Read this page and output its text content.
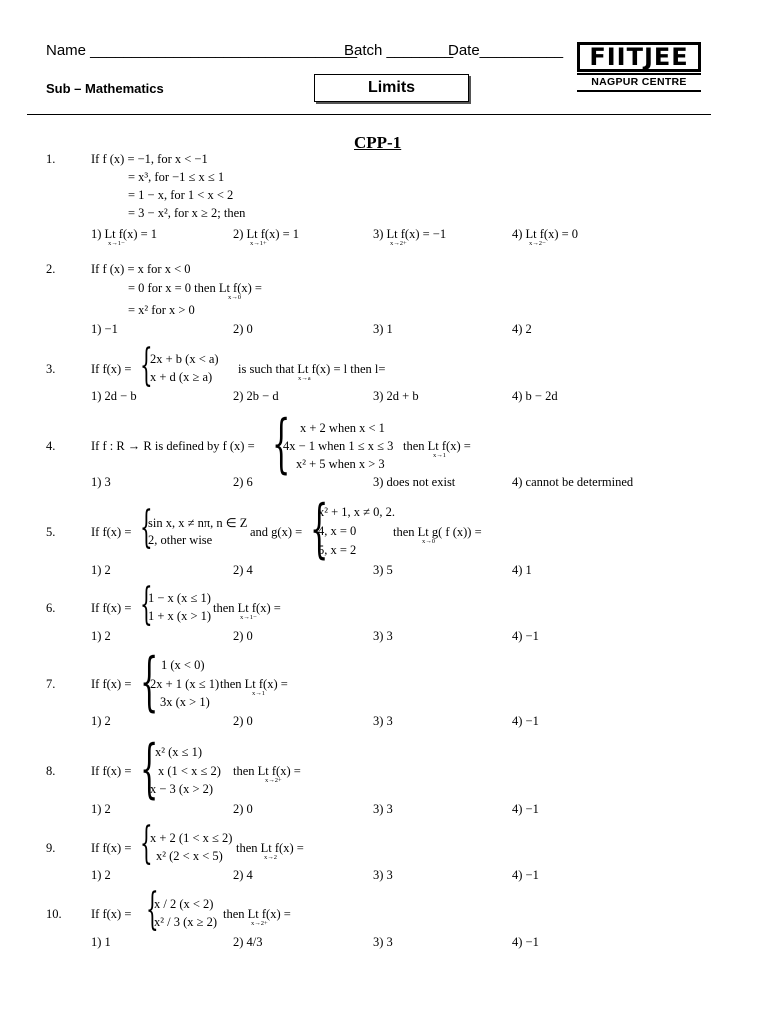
Name ________________________________
Batch ________
Date__________
Sub – Mathematics	Limits
FIITJEE
NAGPUR CENTRE
CPP-1
1.	If f (x) = −1, for x < −1
= x³, for −1 ≤ x ≤ 1
= 1 − x, for 1 < x < 2
= 3 − x², for x ≥ 2; then
1) Lt f(x) = 1
x→1−
2) Lt f(x) = 1
x→1+
3) Lt f(x) = −1
x→2+
4) Lt f(x) = 0
x→2−
2.	If f (x) = x for x < 0
= 0 for x = 0 then Lt f(x) =
x→0
= x² for x > 0
1) −1	2) 0	3) 1	4) 2
3.	If f(x) = {
2x + b (x < a)
x + d (x ≥ a)
is such that Lt f(x) = l then l=
x→a
1) 2d − b	2) 2b − d	3) 2d + b	4) b − 2d
4.	If f : R → R is defined by f (x) = { x + 2 when x < 1
4x − 1 when 1 ≤ x ≤ 3
x² + 5 when x > 3
then Lt f(x) =
x→1
1) 3	2) 6	3) does not exist	4) cannot be determined
5.	If f(x) = {
sin x, x ≠ nπ, n ∈ Z
2, other wise
and g(x) = {
x² + 1, x ≠ 0, 2.
4, x = 0
5, x = 2
then Lt g( f (x)) =
x→0
1) 2	2) 4	3) 5	4) 1
6.	If f(x) = {
1 − x (x ≤ 1)
1 + x (x > 1)
then Lt f(x) =
x→1−
1) 2	2) 0	3) 3	4) −1
7.	If f(x) = { 1 (x < 0)
2x + 1 (x ≤ 1)
3x (x > 1)
then Lt f(x) =
x→1
1) 2	2) 0	3) 3	4) −1
8.	If f(x) = {
x² (x ≤ 1)
x (1 < x ≤ 2)
x − 3 (x > 2)
then Lt f(x) =
x→2+
1) 2	2) 0	3) 3	4) −1
9.	If f(x) = {
x + 2 (1 < x ≤ 2)
x² (2 < x < 5)
then Lt f(x) =
x→2
1) 2	2) 4	3) 3	4) −1
10. If f(x) = {
x / 2 (x < 2)
x² / 3 (x ≥ 2)
then Lt f(x) =
x→2+
1) 1	2) 4/3	3) 3	4) −1
